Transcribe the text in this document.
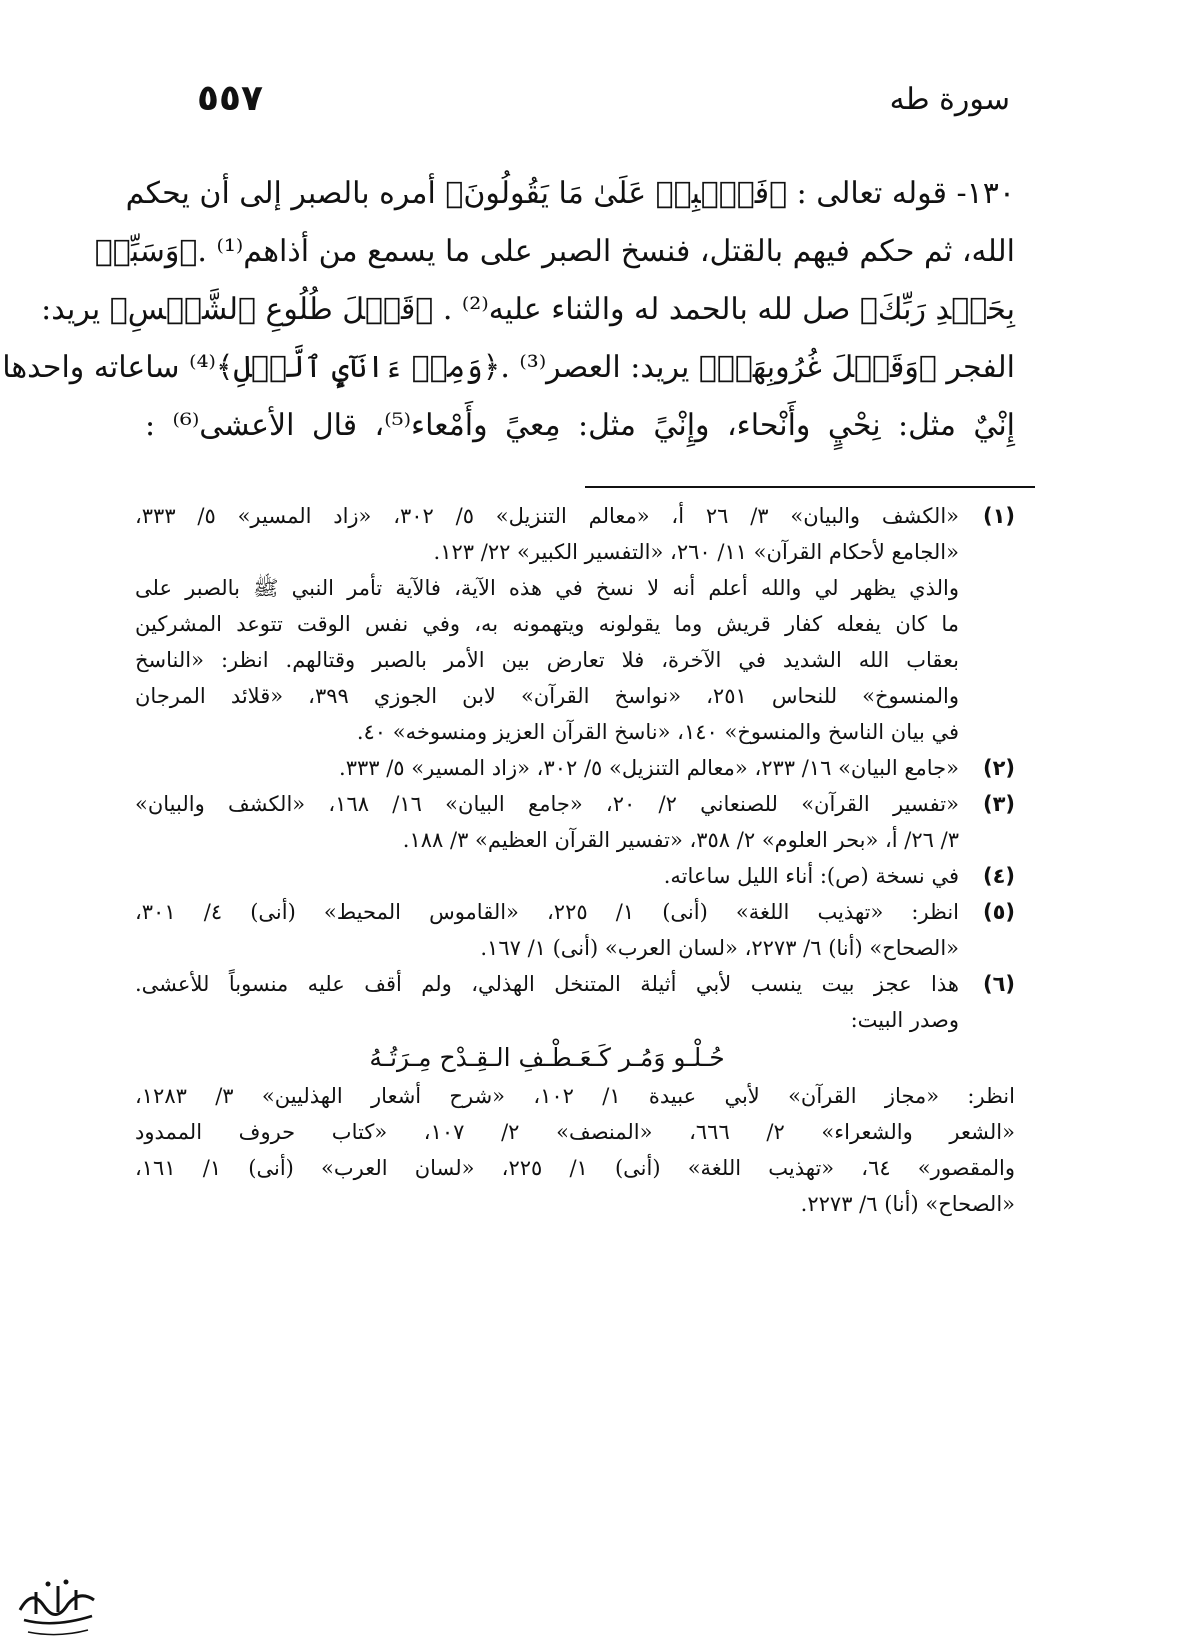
سورة طه
٥٥٧
١٣٠- قوله تعالى : ﴿فَٱصۡبِرۡ عَلَىٰ مَا يَقُولُونَ﴾ أمره بالصبر إلى أن يحكم
الله، ثم حكم فيهم بالقتل، فنسخ الصبر على ما يسمع من أذاهم⁽¹⁾ .﴿وَسَبِّحۡ
بِحَمۡدِ رَبِّكَ﴾ صل لله بالحمد له والثناء عليه⁽²⁾ . ﴿قَبۡلَ طُلُوعِ ٱلشَّمۡسِ﴾ يريد:
الفجر ﴿وَقَبۡلَ غُرُوبِهَاۖ﴾ يريد: العصر⁽³⁾ .﴿وَمِنۡ ءَانَآيِٕ ٱلَّيۡلِ﴾⁽⁴⁾ ساعاته واحدها
إِنْيٌ مثل: نِحْيٍ وأَنْحاء، وإِنْيً مثل: مِعيً وأَمْعاء⁽⁵⁾، قال الأعشى⁽⁶⁾ :
(١)
«الكشف والبيان» ٣/ ٢٦ أ، «معالم التنزيل» ٥/ ٣٠٢، «زاد المسير» ٥/ ٣٣٣،
«الجامع لأحكام القرآن» ١١/ ٢٦٠، «التفسير الكبير» ٢٢/ ١٢٣.
والذي يظهر لي والله أعلم أنه لا نسخ في هذه الآية، فالآية تأمر النبي ﷺ بالصبر على
ما كان يفعله كفار قريش وما يقولونه ويتهمونه به، وفي نفس الوقت تتوعد المشركين
بعقاب الله الشديد في الآخرة، فلا تعارض بين الأمر بالصبر وقتالهم. انظر: «الناسخ
والمنسوخ» للنحاس ٢٥١، «نواسخ القرآن» لابن الجوزي ٣٩٩، «قلائد المرجان
في بيان الناسخ والمنسوخ» ١٤٠، «ناسخ القرآن العزيز ومنسوخه» ٤٠.
(٢)
«جامع البيان» ١٦/ ٢٣٣، «معالم التنزيل» ٥/ ٣٠٢، «زاد المسير» ٥/ ٣٣٣.
(٣)
«تفسير القرآن» للصنعاني ٢/ ٢٠، «جامع البيان» ١٦/ ١٦٨، «الكشف والبيان»
٣/ ٢٦/ أ، «بحر العلوم» ٢/ ٣٥٨، «تفسير القرآن العظيم» ٣/ ١٨٨.
(٤)
في نسخة (ص): أناء الليل ساعاته.
(٥)
انظر: «تهذيب اللغة» (أنى) ١/ ٢٢٥، «القاموس المحيط» (أنى) ٤/ ٣٠١،
«الصحاح» (أنا) ٦/ ٢٢٧٣، «لسان العرب» (أنى) ١/ ١٦٧.
(٦)
هذا عجز بيت ينسب لأبي أثيلة المتنخل الهذلي، ولم أقف عليه منسوباً للأعشى.
وصدر البيت:
حُـلْـو وَمُـر كَـعَـطْـفِ الـقِـدْح مِـرَتُـهُ
انظر: «مجاز القرآن» لأبي عبيدة ١/ ١٠٢، «شرح أشعار الهذليين» ٣/ ١٢٨٣،
«الشعر والشعراء» ٢/ ٦٦٦، «المنصف» ٢/ ١٠٧، «كتاب حروف الممدود
والمقصور» ٦٤، «تهذيب اللغة» (أنى) ١/ ٢٢٥، «لسان العرب» (أنى) ١/ ١٦١،
«الصحاح» (أنا) ٦/ ٢٢٧٣.
